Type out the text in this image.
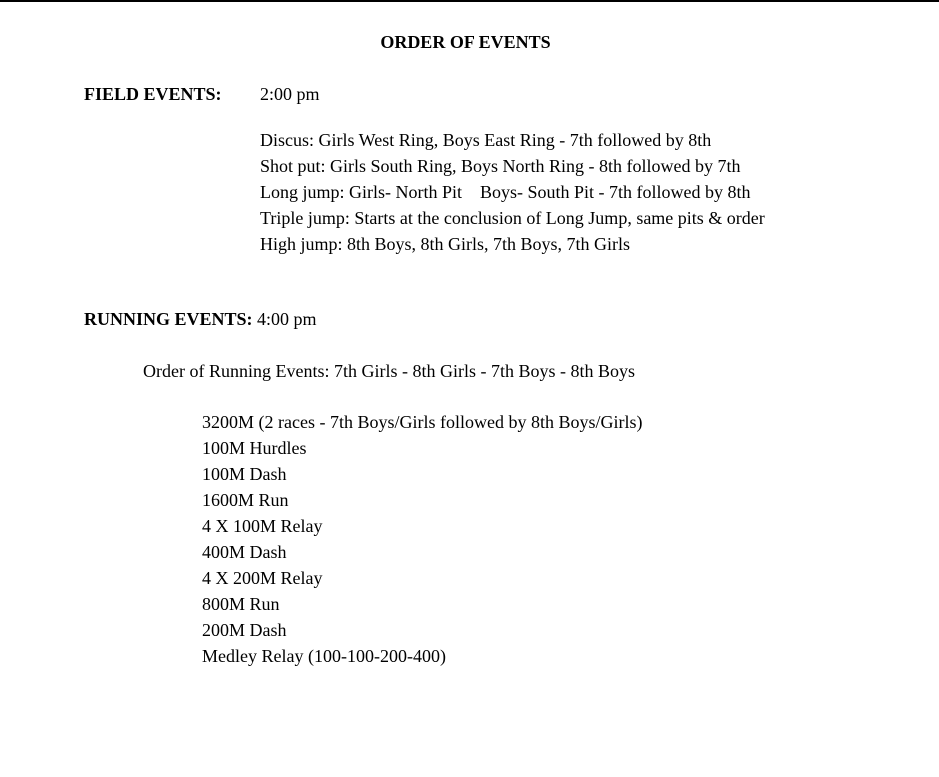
ORDER OF EVENTS
FIELD EVENTS: 2:00 pm
Discus: Girls West Ring, Boys East Ring - 7th followed by 8th
Shot put: Girls South Ring, Boys North Ring - 8th followed by 7th
Long jump: Girls- North Pit    Boys- South Pit - 7th followed by 8th
Triple jump: Starts at the conclusion of Long Jump, same pits & order
High jump: 8th Boys, 8th Girls, 7th Boys, 7th Girls
RUNNING EVENTS: 4:00 pm
Order of Running Events: 7th Girls - 8th Girls - 7th Boys - 8th Boys
3200M (2 races - 7th Boys/Girls followed by 8th Boys/Girls)
100M Hurdles
100M Dash
1600M Run
4 X 100M Relay
400M Dash
4 X 200M Relay
800M Run
200M Dash
Medley Relay (100-100-200-400)
